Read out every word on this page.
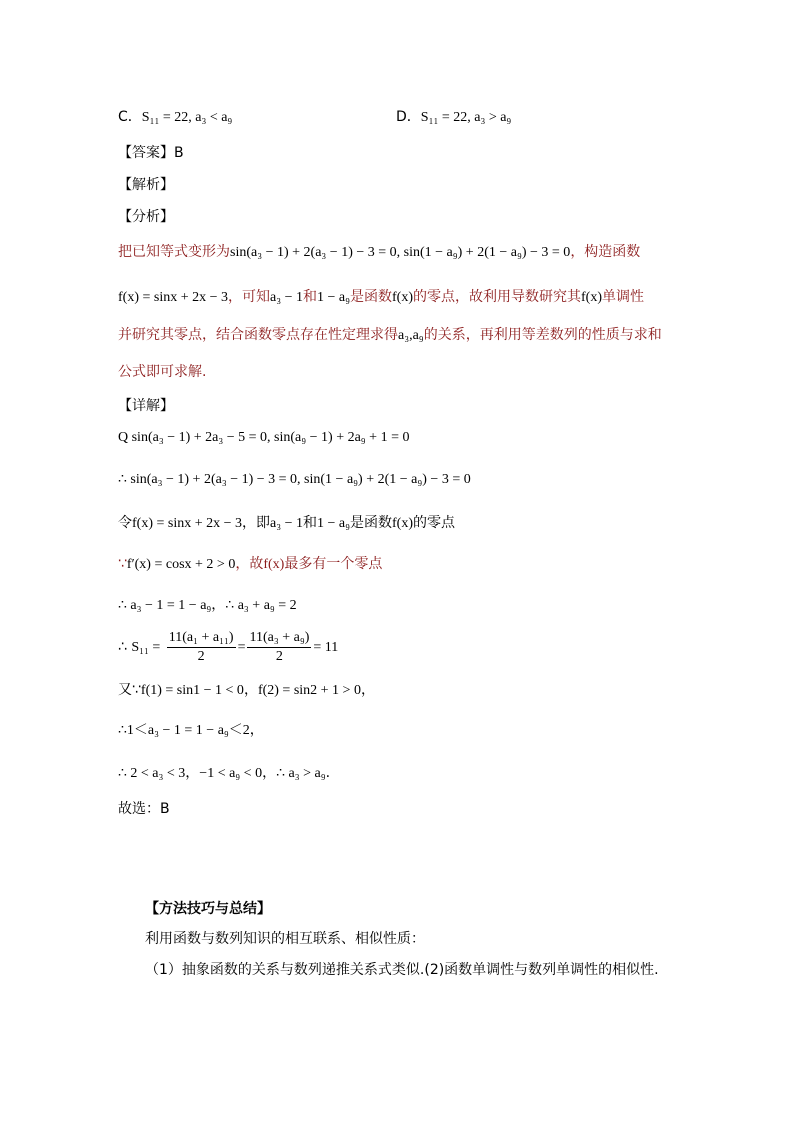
C．S₁₁ = 22, a₃ < a₉	D．S₁₁ = 22, a₃ > a₉
【答案】B
【解析】
【分析】
把已知等式变形为sin(a₃ − 1) + 2(a₃ − 1) − 3 = 0, sin(1 − a₉) + 2(1 − a₉) − 3 = 0，构造函数
f(x) = sinx + 2x − 3，可知a₃ − 1和1 − a₉是函数f(x)的零点，故利用导数研究其f(x)单调性
并研究其零点，结合函数零点存在性定理求得a₃,a₉的关系，再利用等差数列的性质与求和
公式即可求解.
【详解】
Q sin(a₃ − 1) + 2a₃ − 5 = 0, sin(a₉ − 1) + 2a₉ + 1 = 0
∴ sin(a₃ − 1) + 2(a₃ − 1) − 3 = 0, sin(1 − a₉) + 2(1 − a₉) − 3 = 0
令f(x) = sinx + 2x − 3，即a₃ − 1和1 − a₉是函数f(x)的零点
∵f′(x) = cosx + 2 > 0，故f(x)最多有一个零点
∴ a₃ − 1 = 1 − a₉，∴ a₃ + a₉ = 2
∴ $S_{11} = \frac{\text{11(a₁ + a₁₁)}}{2} = \frac{\text{11(a₃ + a₉)}}{2} = 11$
又∵f(1) = sin1 − 1 < 0，f(2) = sin2 + 1 > 0，
∴1＜a₃ − 1 = 1 − a₉＜2，
∴ 2 < a₃ < 3，−1 < a₉ < 0，∴ a₃ > a₉.
故选：B
【方法技巧与总结】
利用函数与数列知识的相互联系、相似性质：
（1）抽象函数的关系与数列递推关系式类似.(2)函数单调性与数列单调性的相似性.
